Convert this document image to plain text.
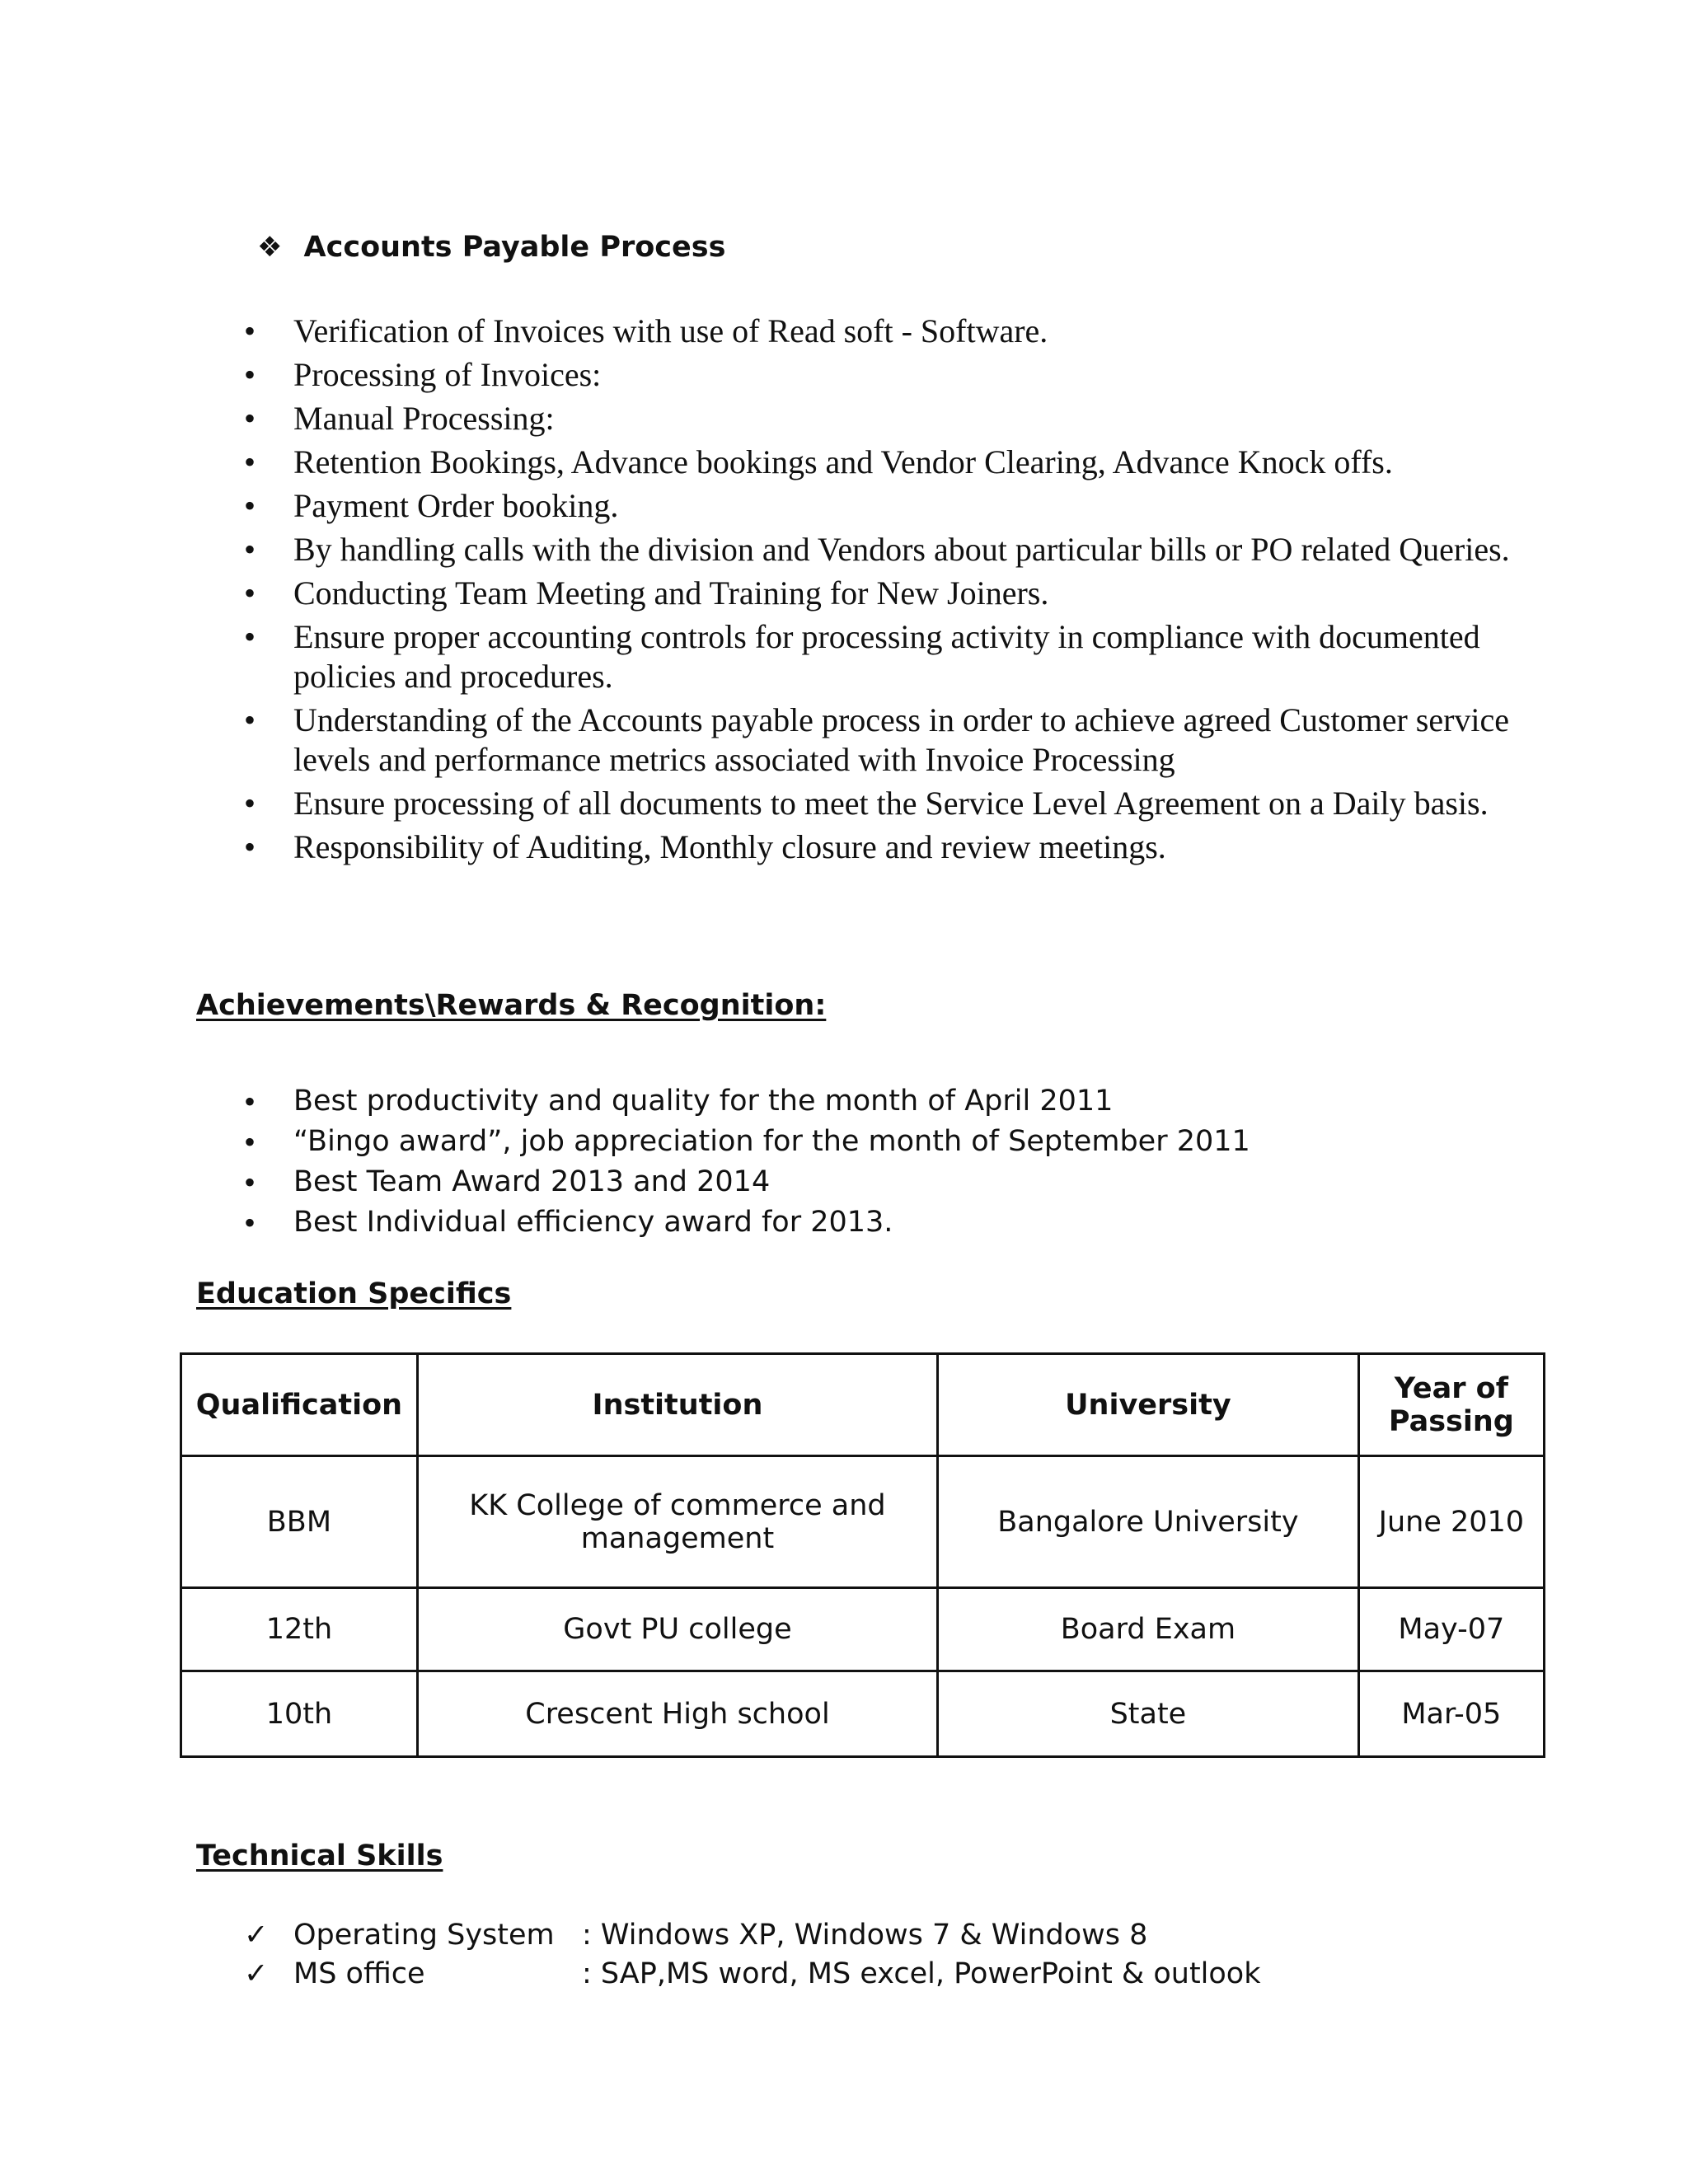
❖ Accounts Payable Process
• Verification of Invoices with use of Read soft - Software.
• Processing of Invoices:
• Manual Processing:
• Retention Bookings, Advance bookings and Vendor Clearing, Advance Knock offs.
• Payment Order booking.
• By handling calls with the division and Vendors about particular bills or PO related Queries.
• Conducting Team Meeting and Training for New Joiners.
• Ensure proper accounting controls for processing activity in compliance with documented policies and procedures.
• Understanding of the Accounts payable process in order to achieve agreed Customer service levels and performance metrics associated with Invoice Processing
• Ensure processing of all documents to meet the Service Level Agreement on a Daily basis.
• Responsibility of Auditing, Monthly closure and review meetings.
Achievements\Rewards & Recognition:
• Best productivity and quality for the month of April 2011
• “Bingo award”, job appreciation for the month of September 2011
• Best Team Award 2013 and 2014
• Best Individual efficiency award for 2013.
Education Specifics
Qualification	Institution	University	Year of Passing
BBM	KK College of commerce and management	Bangalore University	June 2010
12th	Govt PU college	Board Exam	May-07
10th	Crescent High school	State	Mar-05
Technical Skills
✓ Operating System : Windows XP, Windows 7 & Windows 8
✓ MS office	: SAP,MS word, MS excel, PowerPoint & outlook
